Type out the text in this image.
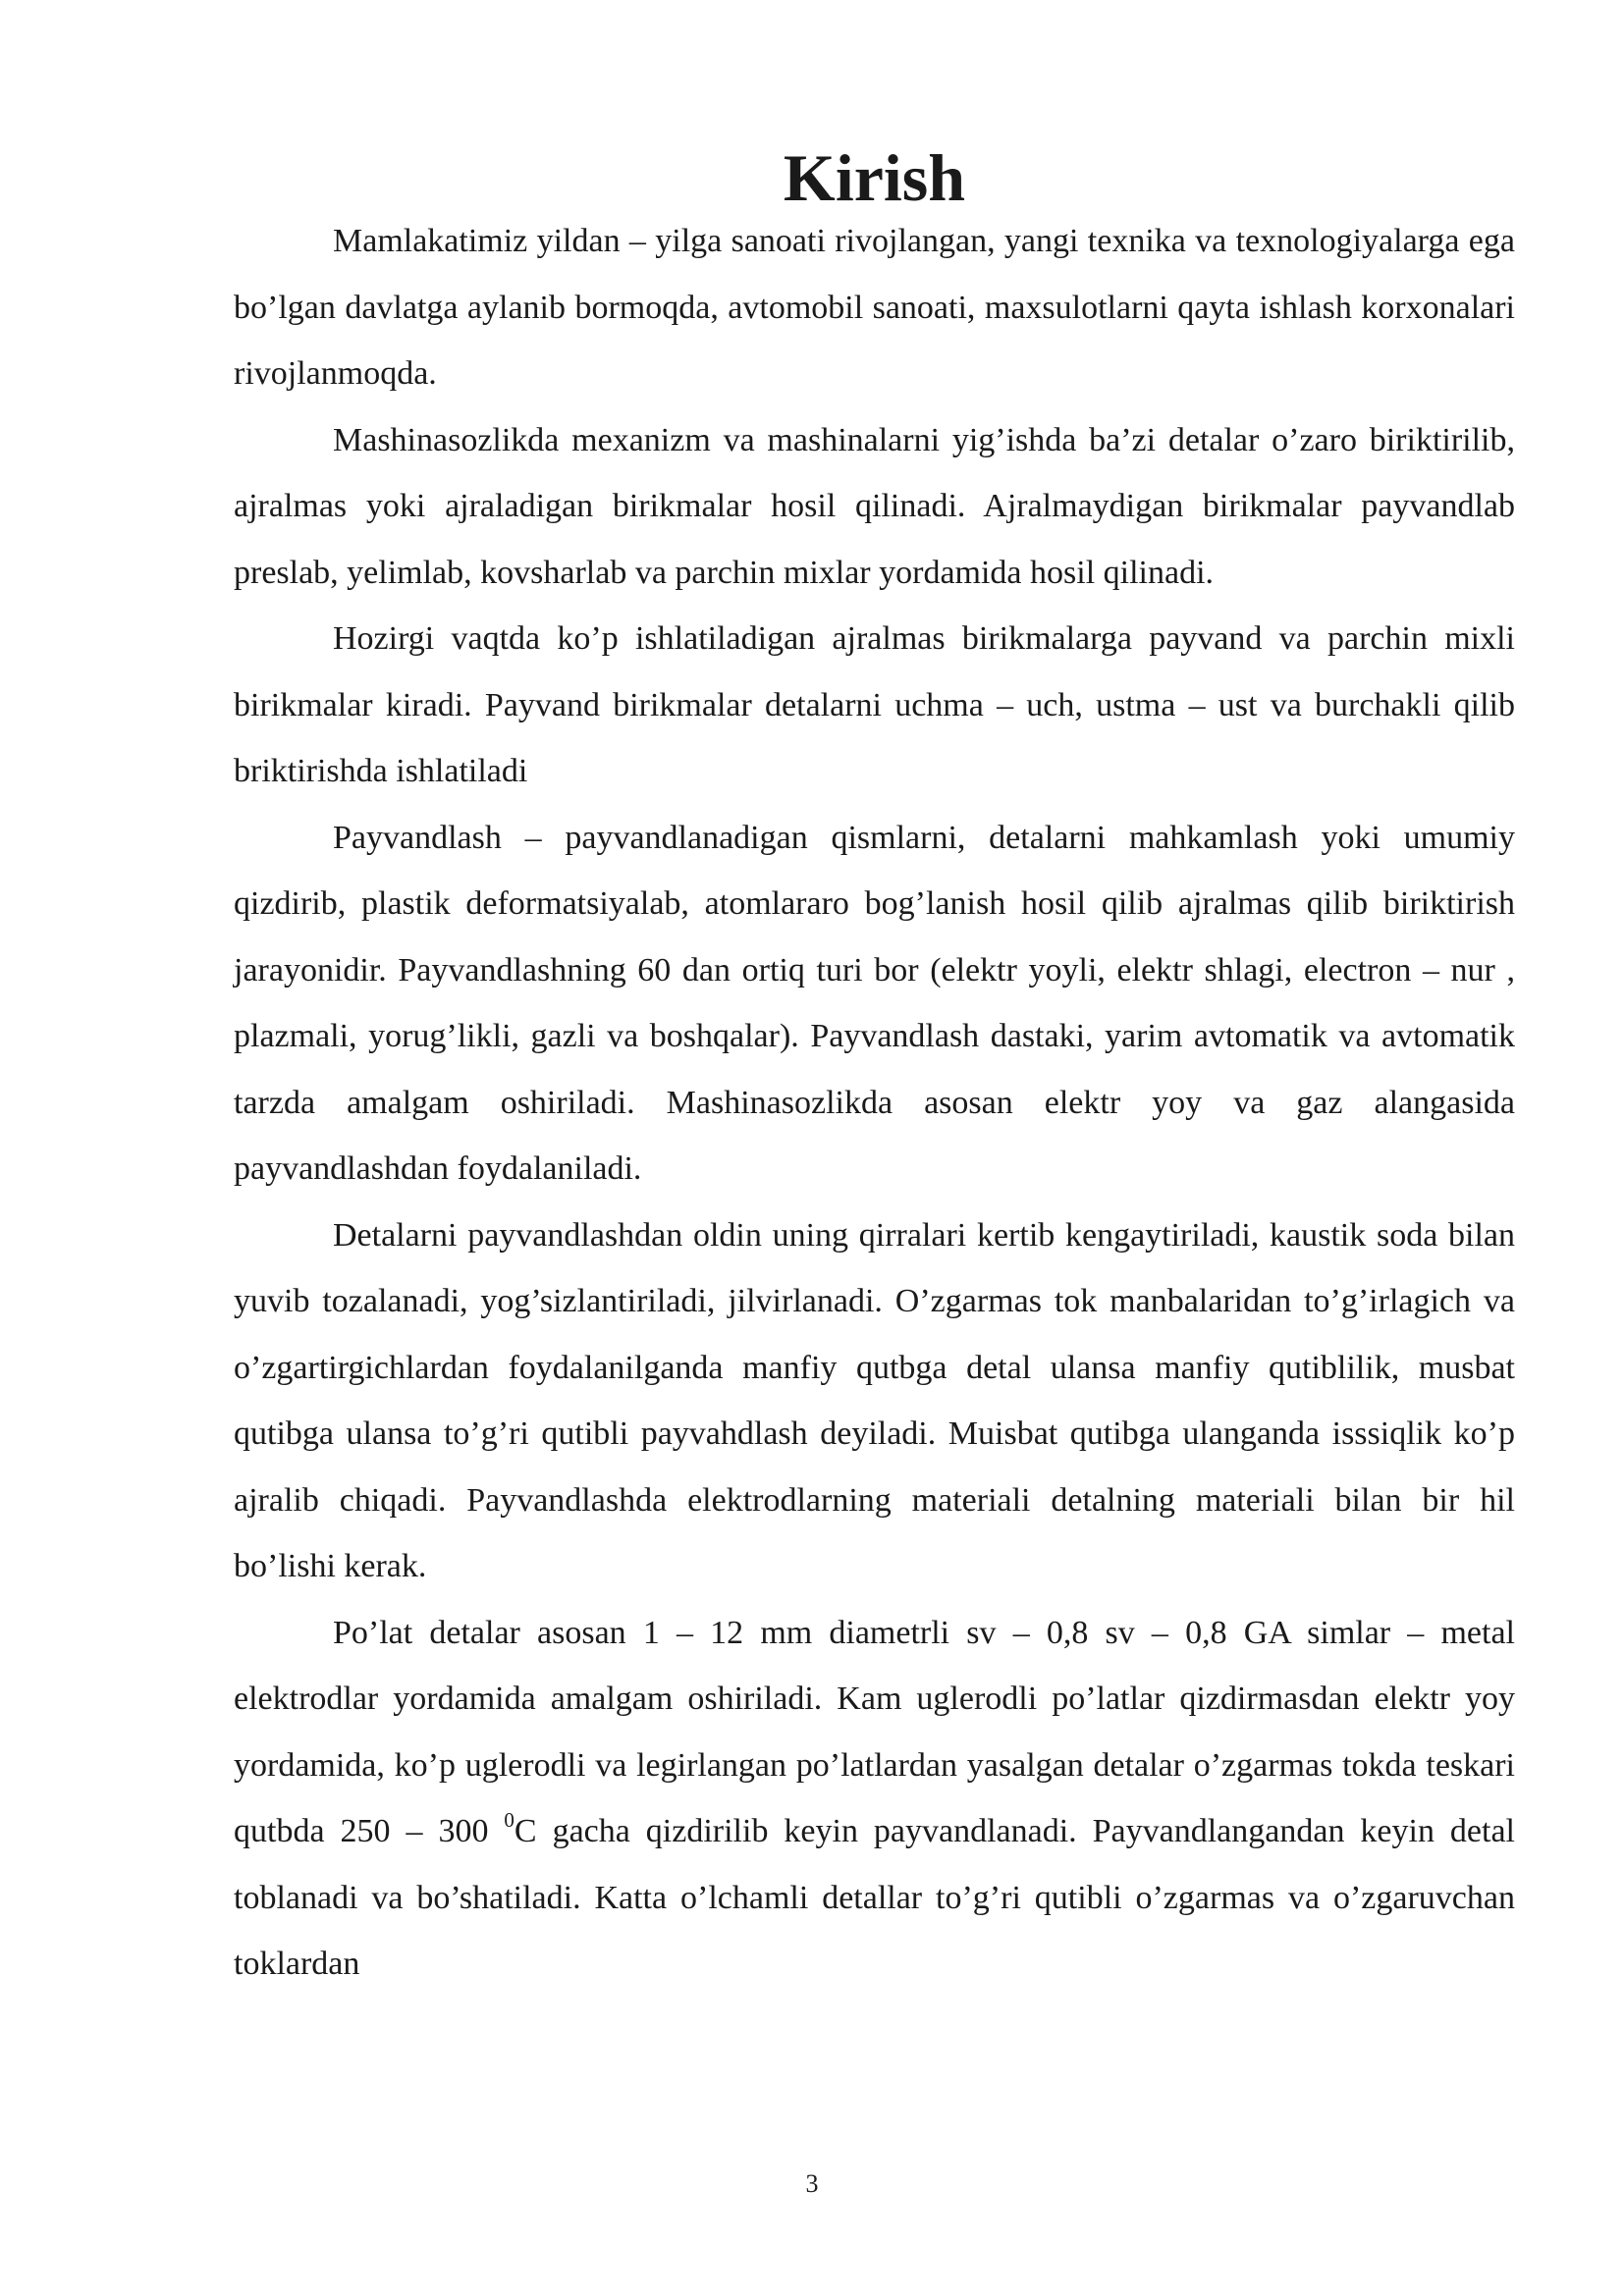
Kirish

Mamlakatimiz yildan – yilga sanoati rivojlangan, yangi texnika va texnologiyalarga ega bo’lgan davlatga aylanib bormoqda, avtomobil sanoati, maxsulotlarni qayta ishlash korxonalari rivojlanmoqda.

Mashinasozlikda mexanizm va mashinalarni yig’ishda ba’zi detalar o’zaro biriktirilib, ajralmas yoki ajraladigan birikmalar hosil qilinadi. Ajralmaydigan birikmalar payvandlab preslab, yelimlab, kovsharlab va parchin mixlar yordamida hosil qilinadi.

Hozirgi vaqtda ko’p ishlatiladigan ajralmas birikmalarga payvand va parchin mixli birikmalar kiradi. Payvand birikmalar detalarni uchma – uch, ustma – ust va burchakli qilib briktirishda ishlatiladi

Payvandlash – payvandlanadigan qismlarni, detalarni mahkamlash yoki umumiy qizdirib, plastik deformatsiyalab, atomlararo bog’lanish hosil qilib ajralmas qilib biriktirish jarayonidir. Payvandlashning 60 dan ortiq turi bor (elektr yoyli, elektr shlagi, electron – nur , plazmali, yorug’likli, gazli va boshqalar). Payvandlash dastaki, yarim avtomatik va avtomatik tarzda amalgam oshiriladi. Mashinasozlikda asosan elektr yoy va gaz alangasida payvandlashdan foydalaniladi.

Detalarni payvandlashdan oldin uning qirralari kertib kengaytiriladi, kaustik soda bilan yuvib tozalanadi, yog’sizlantiriladi, jilvirlanadi. O’zgarmas tok manbalaridan to’g’irlagich va o’zgartirgichlardan foydalanilganda manfiy qutbga detal ulansa manfiy qutiblilik, musbat qutibga ulansa to’g’ri qutibli payvahdlash deyiladi. Muisbat qutibga ulanganda isssiqlik ko’p ajralib chiqadi. Payvandlashda elektrodlarning materiali detalning materiali bilan bir hil bo’lishi kerak.

Po’lat detalar asosan 1 – 12 mm diametrli sv – 0,8 sv – 0,8 GA simlar – metal elektrodlar yordamida amalgam oshiriladi. Kam uglerodli po’latlar qizdirmasdan elektr yoy yordamida, ko’p uglerodli va legirlangan po’latlardan yasalgan detalar o’zgarmas tokda teskari qutbda 250 – 300 $^0$C gacha qizdirilib keyin payvandlanadi. Payvandlangandan keyin detal toblanadi va bo’shatiladi. Katta o’lchamli detallar to’g’ri qutibli o’zgarmas va o’zgaruvchan toklardan

3
